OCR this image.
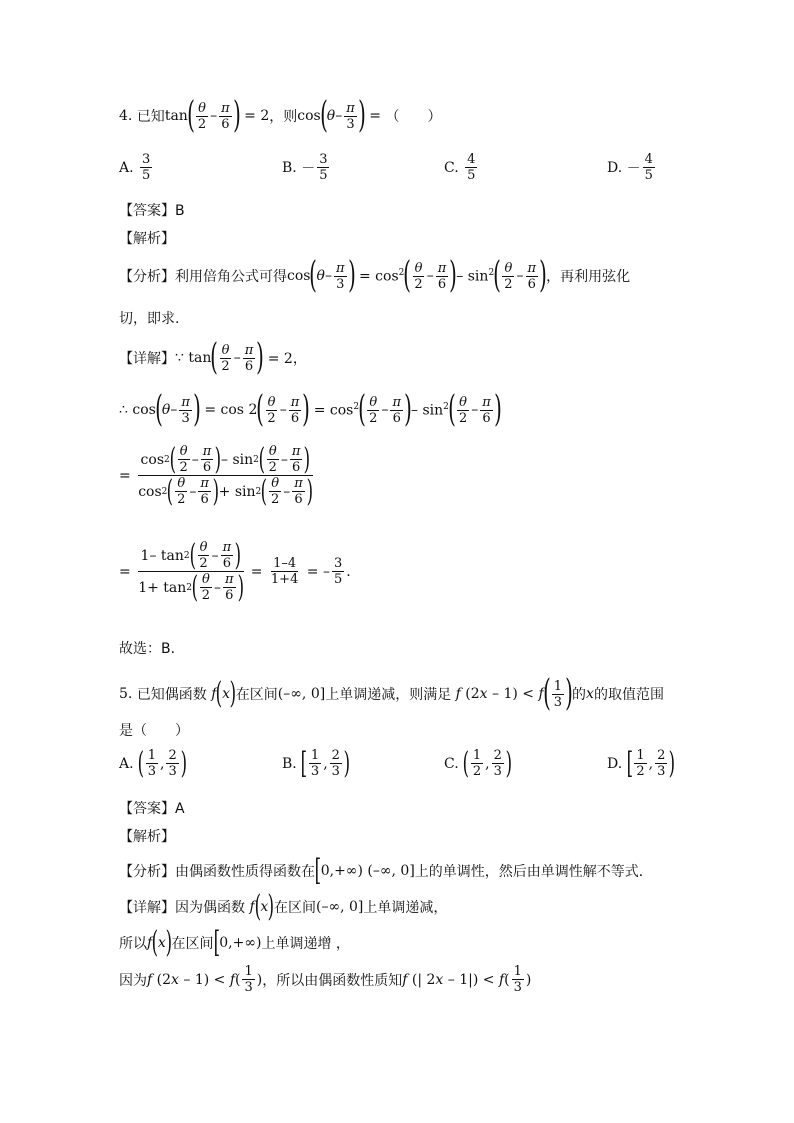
4.
已知 tan ( $\frac{\theta}{2} - \frac{\pi}{6}$ ) = 2 ，则 cos ( θ – $\frac{\pi}{3}$ ) = （　　）
A.
$\frac{3}{5}$	B.
－ $\frac{3}{5}$	C.
$\frac{4}{5}$	D.
－ $\frac{4}{5}$
【答案】B
【解析】
【分析】 利用倍角公式可得 cos ( θ – $\frac{\pi}{3}$ ) = $\cos^2$ ( $\frac{\theta}{2} - \frac{\pi}{6}$ ) – $\sin^2$ ( $\frac{\theta}{2} - \frac{\pi}{6}$ ) ，再利用弦化
切，即求.
【详解】 ∵ tan ( $\frac{\theta}{2} - \frac{\pi}{6}$ ) = 2，
∴ cos ( θ – $\frac{\pi}{3}$ ) = cos 2 ( $\frac{\theta}{2} - \frac{\pi}{6}$ ) = $\cos^2$ ( $\frac{\theta}{2} - \frac{\pi}{6}$ ) – $\sin^2$ ( $\frac{\theta}{2} - \frac{\pi}{6}$ )
= $\frac{\cos 2 ( \frac{\theta}{2} - \frac{\pi}{6} ) - \sin 2 ( \frac{\theta}{2} - \frac{\pi}{6} )}{\cos 2 ( \frac{\theta}{2} - \frac{\pi}{6} ) + \sin 2 ( \frac{\theta}{2} - \frac{\pi}{6} )}$
= $\frac{1- \tan 2 ( \frac{\theta}{2} - \frac{\pi}{6} )}{1+ \tan 2 ( \frac{\theta}{2} - \frac{\pi}{6} )} = \frac{1-4}{1+4}$ = – $\frac{3}{5}$ .
故选：B．
5.
已知偶函数 f ( x ) 在区间 (–∞, 0] 上单调递减，则满足 f (2x – 1) < f ( $\frac{1}{3}$ ) 的 x 的取值范围
是（　　）
A.
( $\frac{1}{3}$ , $\frac{2}{3}$ )	B.
[ $\frac{1}{3}$ , $\frac{2}{3}$ )	C.
( $\frac{1}{2}$ , $\frac{2}{3}$ )	D.
[ $\frac{1}{2}$ , $\frac{2}{3}$ )
【答案】A
【解析】
【分析】 由偶函数性质得函数在 [ 0,+∞) (–∞, 0] 上的单调性，然后由单调性解不等式．
【详解】 因为偶函数 f ( x ) 在区间 (–∞, 0] 上单调递减，
所以 f ( x ) 在区间 [ 0,+∞) 上单调递增 ，
因为 f (2x – 1) < f ( $\frac{1}{3}$ ) ，所以由偶函数性质知 f (| 2x – 1|) < f ( $\frac{1}{3}$ )
